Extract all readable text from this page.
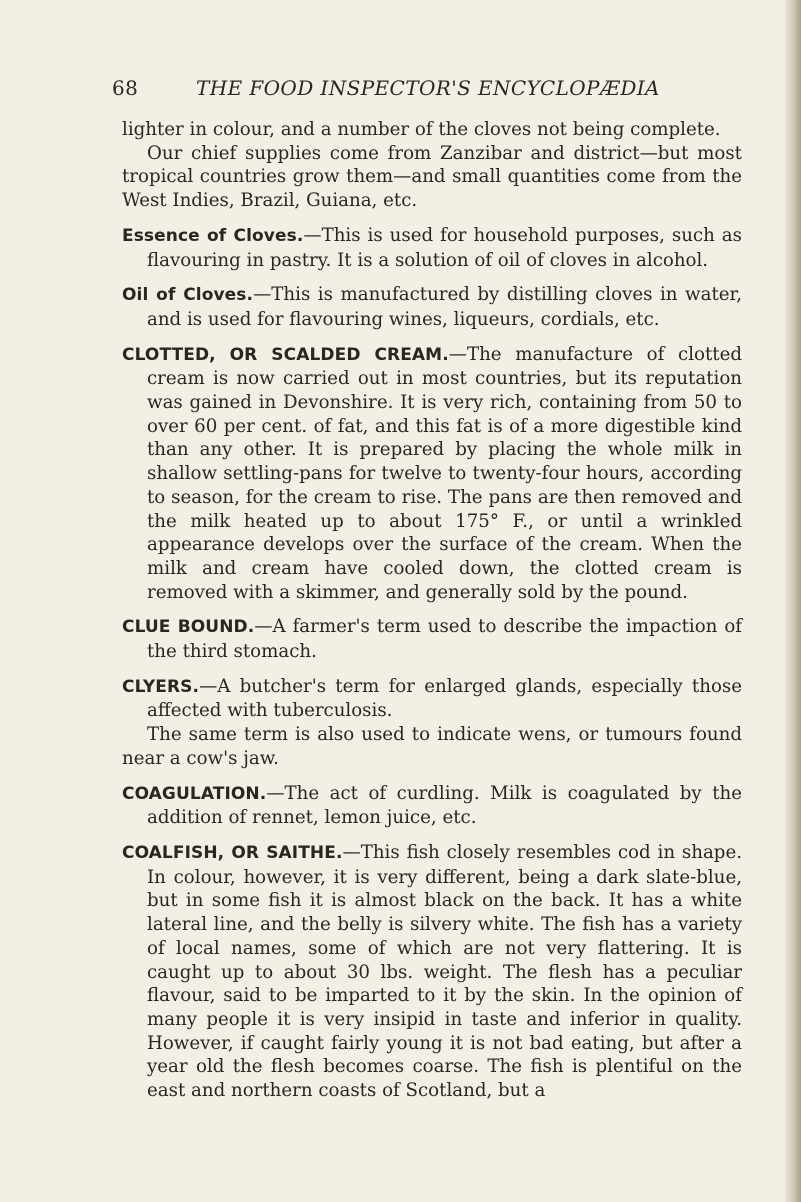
68	THE FOOD INSPECTOR'S ENCYCLOPÆDIA

lighter in colour, and a number of the cloves not being complete.

Our chief supplies come from Zanzibar and district—but most tropical countries grow them—and small quantities come from the West Indies, Brazil, Guiana, etc.

Essence of Cloves.—This is used for household purposes, such as flavouring in pastry. It is a solution of oil of cloves in alcohol.

Oil of Cloves.—This is manufactured by distilling cloves in water, and is used for flavouring wines, liqueurs, cordials, etc.

CLOTTED, OR SCALDED CREAM.—The manufacture of clotted cream is now carried out in most countries, but its reputation was gained in Devonshire. It is very rich, containing from 50 to over 60 per cent. of fat, and this fat is of a more digestible kind than any other. It is prepared by placing the whole milk in shallow settling-pans for twelve to twenty-four hours, according to season, for the cream to rise. The pans are then removed and the milk heated up to about 175° F., or until a wrinkled appearance develops over the surface of the cream. When the milk and cream have cooled down, the clotted cream is removed with a skimmer, and generally sold by the pound.

CLUE BOUND.—A farmer's term used to describe the impaction of the third stomach.

CLYERS.—A butcher's term for enlarged glands, especially those affected with tuberculosis.

The same term is also used to indicate wens, or tumours found near a cow's jaw.

COAGULATION.—The act of curdling. Milk is coagulated by the addition of rennet, lemon juice, etc.

COALFISH, OR SAITHE.—This fish closely resembles cod in shape. In colour, however, it is very different, being a dark slate-blue, but in some fish it is almost black on the back. It has a white lateral line, and the belly is silvery white. The fish has a variety of local names, some of which are not very flattering. It is caught up to about 30 lbs. weight. The flesh has a peculiar flavour, said to be imparted to it by the skin. In the opinion of many people it is very insipid in taste and inferior in quality. However, if caught fairly young it is not bad eating, but after a year old the flesh becomes coarse. The fish is plentiful on the east and northern coasts of Scotland, but a
